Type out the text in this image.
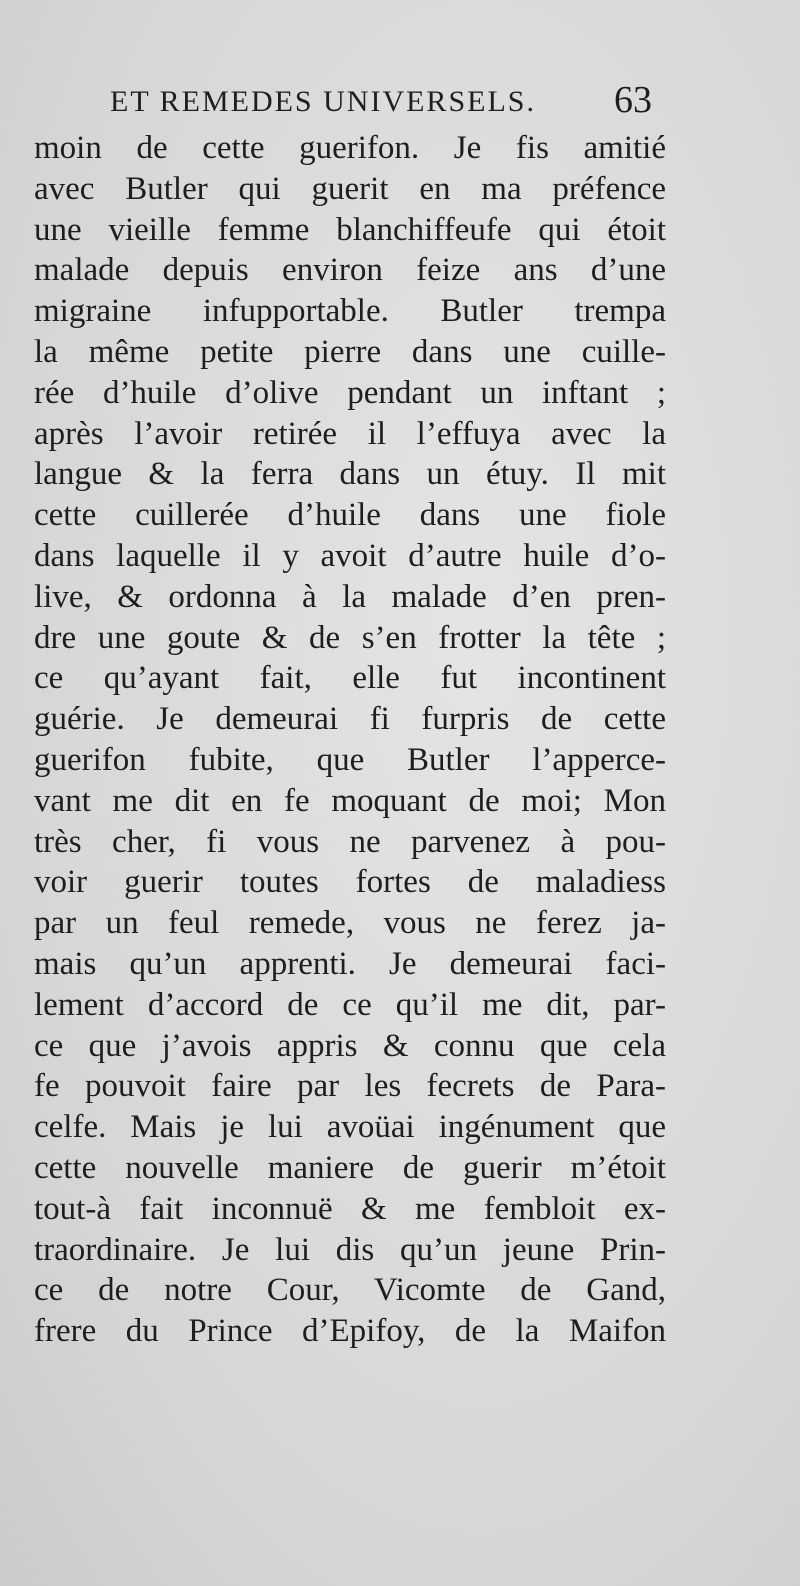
ET REMEDES UNIVERSELS.	63
moin de cette guerifon. Je fis amitié
avec Butler qui guerit en ma préfence
une vieille femme blanchiffeufe qui étoit
malade depuis environ feize ans d’une
migraine infupportable. Butler trempa
la même petite pierre dans une cuille-
rée d’huile d’olive pendant un inftant ;
après l’avoir retirée il l’effuya avec la
langue & la ferra dans un étuy. Il mit
cette cuillerée d’huile dans une fiole
dans laquelle il y avoit d’autre huile d’o-
live, & ordonna à la malade d’en pren-
dre une goute & de s’en frotter la tête ;
ce qu’ayant fait, elle fut incontinent
guérie. Je demeurai fi furpris de cette
guerifon fubite, que Butler l’apperce-
vant me dit en fe moquant de moi; Mon
très cher, fi vous ne parvenez à pou-
voir guerir toutes fortes de maladiess
par un feul remede, vous ne ferez ja-
mais qu’un apprenti. Je demeurai faci-
lement d’accord de ce qu’il me dit, par-
ce que j’avois appris & connu que cela
fe pouvoit faire par les fecrets de Para-
celfe. Mais je lui avoüai ingénument que
cette nouvelle maniere de guerir m’étoit
tout-à fait inconnuë & me fembloit ex-
traordinaire. Je lui dis qu’un jeune Prin-
ce de notre Cour, Vicomte de Gand,
frere du Prince d’Epifoy, de la Maifon
